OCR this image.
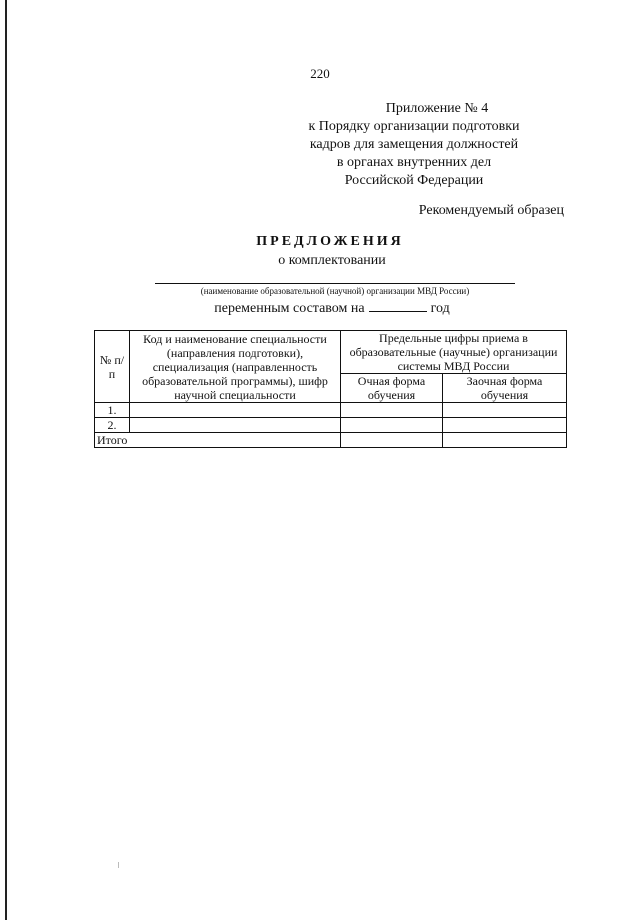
220
Приложение № 4
к Порядку организации подготовки
кадров для замещения должностей
в органах внутренних дел
Российской Федерации
Рекомендуемый образец
ПРЕДЛОЖЕНИЯ
о комплектовании
(наименование образовательной (научной) организации МВД России)
переменным составом на	год
№ п/п	Код и наименование специальности (направления подготовки), специализация (направленность образовательной программы), шифр научной специальности	Предельные цифры приема в образовательные (научные) организации системы МВД России	
		Очная форма обучения	Заочная форма обучения
1.			
2.			
Итого			
